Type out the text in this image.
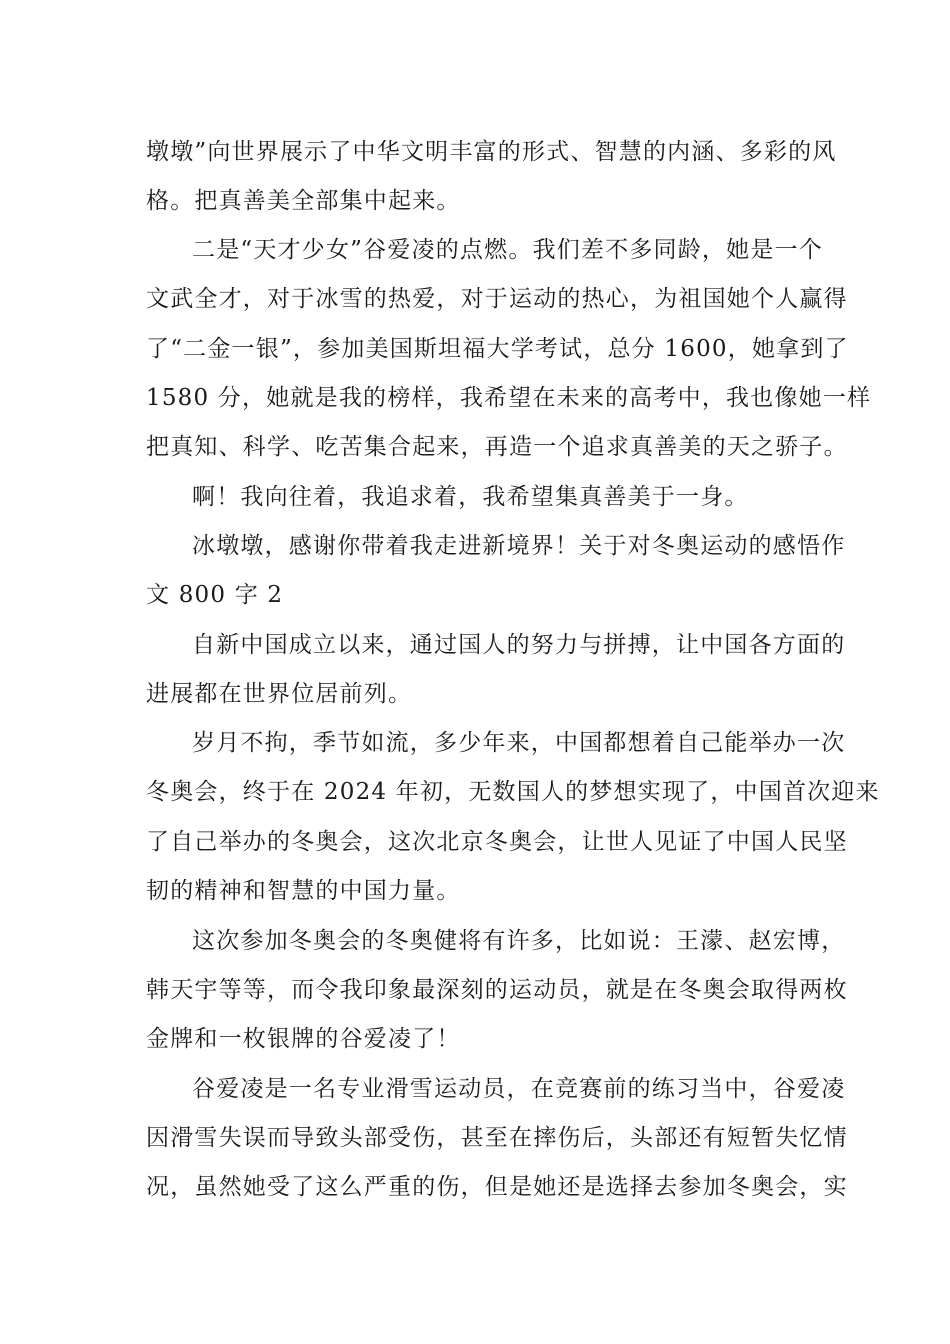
墩墩”向世界展示了中华文明丰富的形式、智慧的内涵、多彩的风
格。把真善美全部集中起来。
二是“天才少女”谷爱凌的点燃。我们差不多同龄，她是一个
文武全才，对于冰雪的热爱，对于运动的热心，为祖国她个人赢得
了“二金一银”，参加美国斯坦福大学考试，总分 1600，她拿到了
1580 分，她就是我的榜样，我希望在未来的高考中，我也像她一样
把真知、科学、吃苦集合起来，再造一个追求真善美的天之骄子。
啊！我向往着，我追求着，我希望集真善美于一身。
冰墩墩，感谢你带着我走进新境界！关于对冬奥运动的感悟作
文 800 字 2
自新中国成立以来，通过国人的努力与拼搏，让中国各方面的
进展都在世界位居前列。
岁月不拘，季节如流，多少年来，中国都想着自己能举办一次
冬奥会，终于在 2024 年初，无数国人的梦想实现了，中国首次迎来
了自己举办的冬奥会，这次北京冬奥会，让世人见证了中国人民坚
韧的精神和智慧的中国力量。
这次参加冬奥会的冬奥健将有许多，比如说：王濛、赵宏博，
韩天宇等等，而令我印象最深刻的运动员，就是在冬奥会取得两枚
金牌和一枚银牌的谷爱凌了！
谷爱凌是一名专业滑雪运动员，在竞赛前的练习当中，谷爱凌
因滑雪失误而导致头部受伤，甚至在摔伤后，头部还有短暂失忆情
况，虽然她受了这么严重的伤，但是她还是选择去参加冬奥会，实
